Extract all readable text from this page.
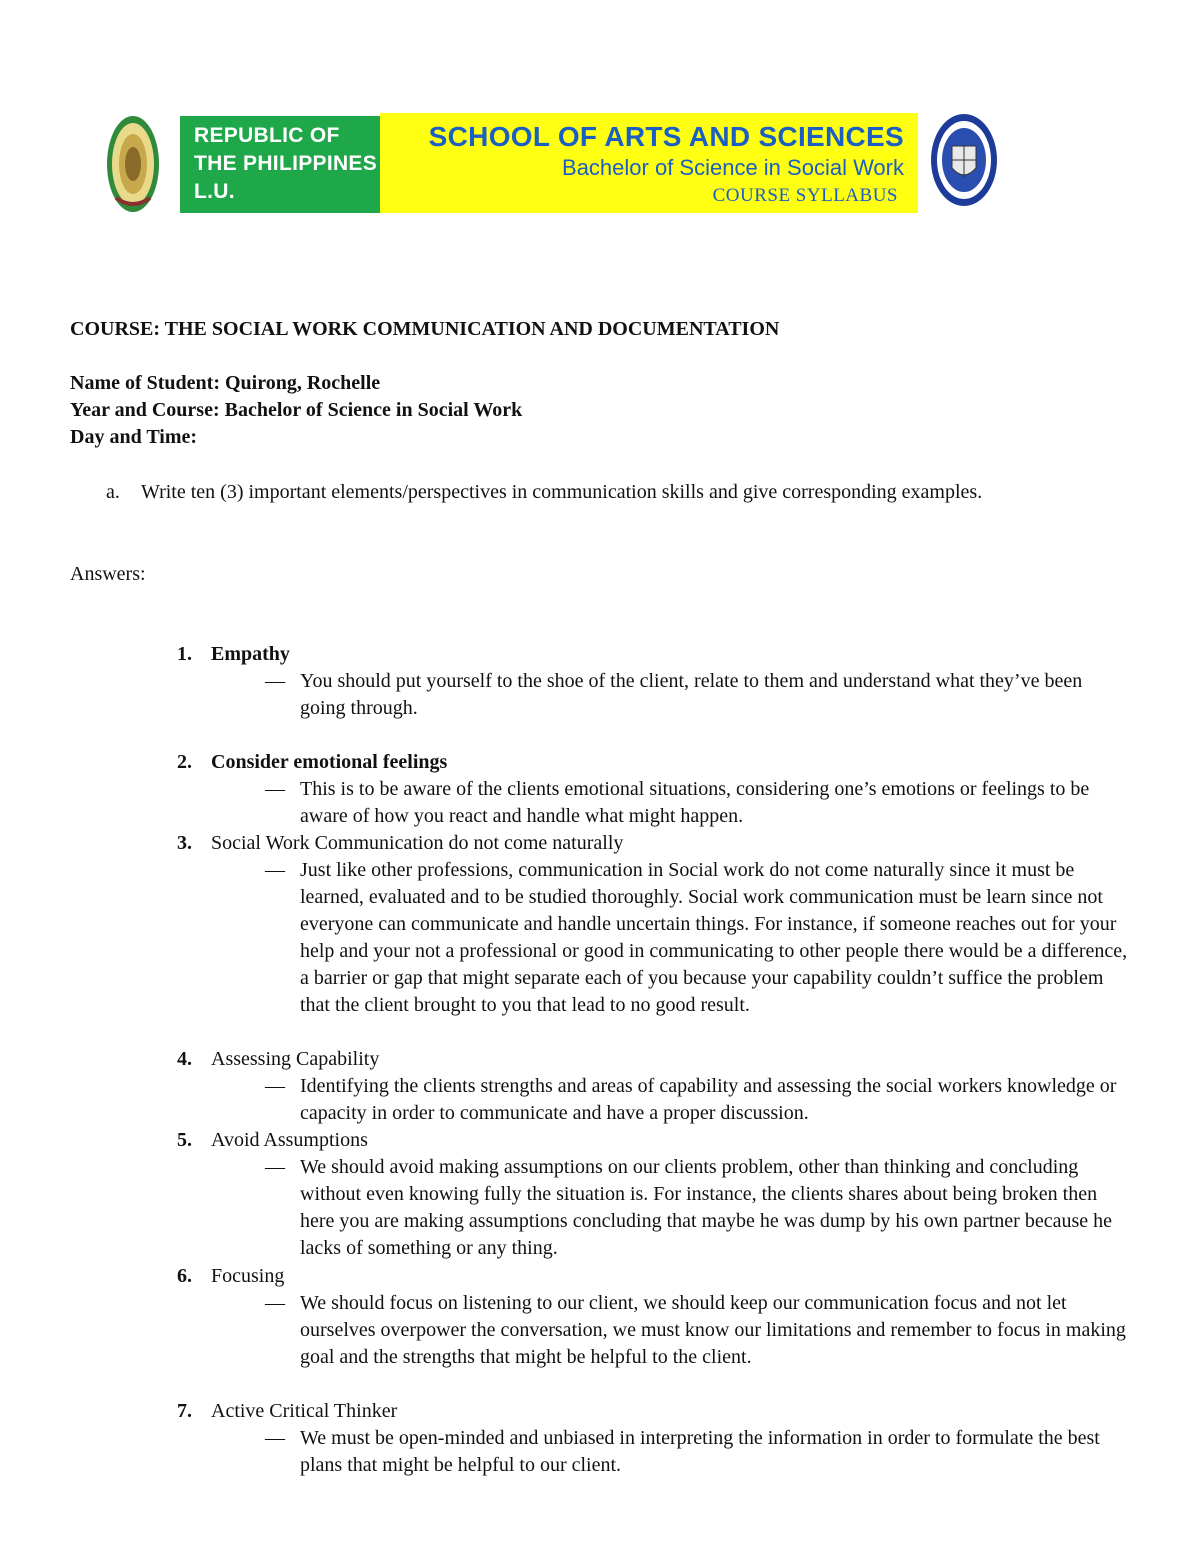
REPUBLIC OF THE PHILIPPINES L.U.
SCHOOL OF ARTS AND SCIENCES
Bachelor of Science in Social Work
COURSE SYLLABUS
COURSE: THE SOCIAL WORK COMMUNICATION AND DOCUMENTATION
Name of Student: Quirong, Rochelle
Year and Course: Bachelor of Science in Social Work
Day and Time:
a. Write ten (3) important elements/perspectives in communication skills and give corresponding examples.
Answers:
1. Empathy
— You should put yourself to the shoe of the client, relate to them and understand what they’ve been going through.
2. Consider emotional feelings
— This is to be aware of the clients emotional situations, considering one’s emotions or feelings to be aware of how you react and handle what might happen.
3. Social Work Communication do not come naturally
— Just like other professions, communication in Social work do not come naturally since it must be learned, evaluated and to be studied thoroughly. Social work communication must be learn since not everyone can communicate and handle uncertain things. For instance, if someone reaches out for your help and your not a professional or good in communicating to other people there would be a difference, a barrier or gap that might separate each of you because your capability couldn’t suffice the problem that the client brought to you that lead to no good result.
4. Assessing Capability
— Identifying the clients strengths and areas of capability and assessing the social workers knowledge or capacity in order to communicate and have a proper discussion.
5. Avoid Assumptions
— We should avoid making assumptions on our clients problem, other than thinking and concluding without even knowing fully the situation is. For instance, the clients shares about being broken then here you are making assumptions concluding that maybe he was dump by his own partner because he lacks of something or any thing.
6. Focusing
— We should focus on listening to our client, we should keep our communication focus and not let ourselves overpower the conversation, we must know our limitations and remember to focus in making goal and the strengths that might be helpful to the client.
7. Active Critical Thinker
— We must be open-minded and unbiased in interpreting the information in order to formulate the best plans that might be helpful to our client.
